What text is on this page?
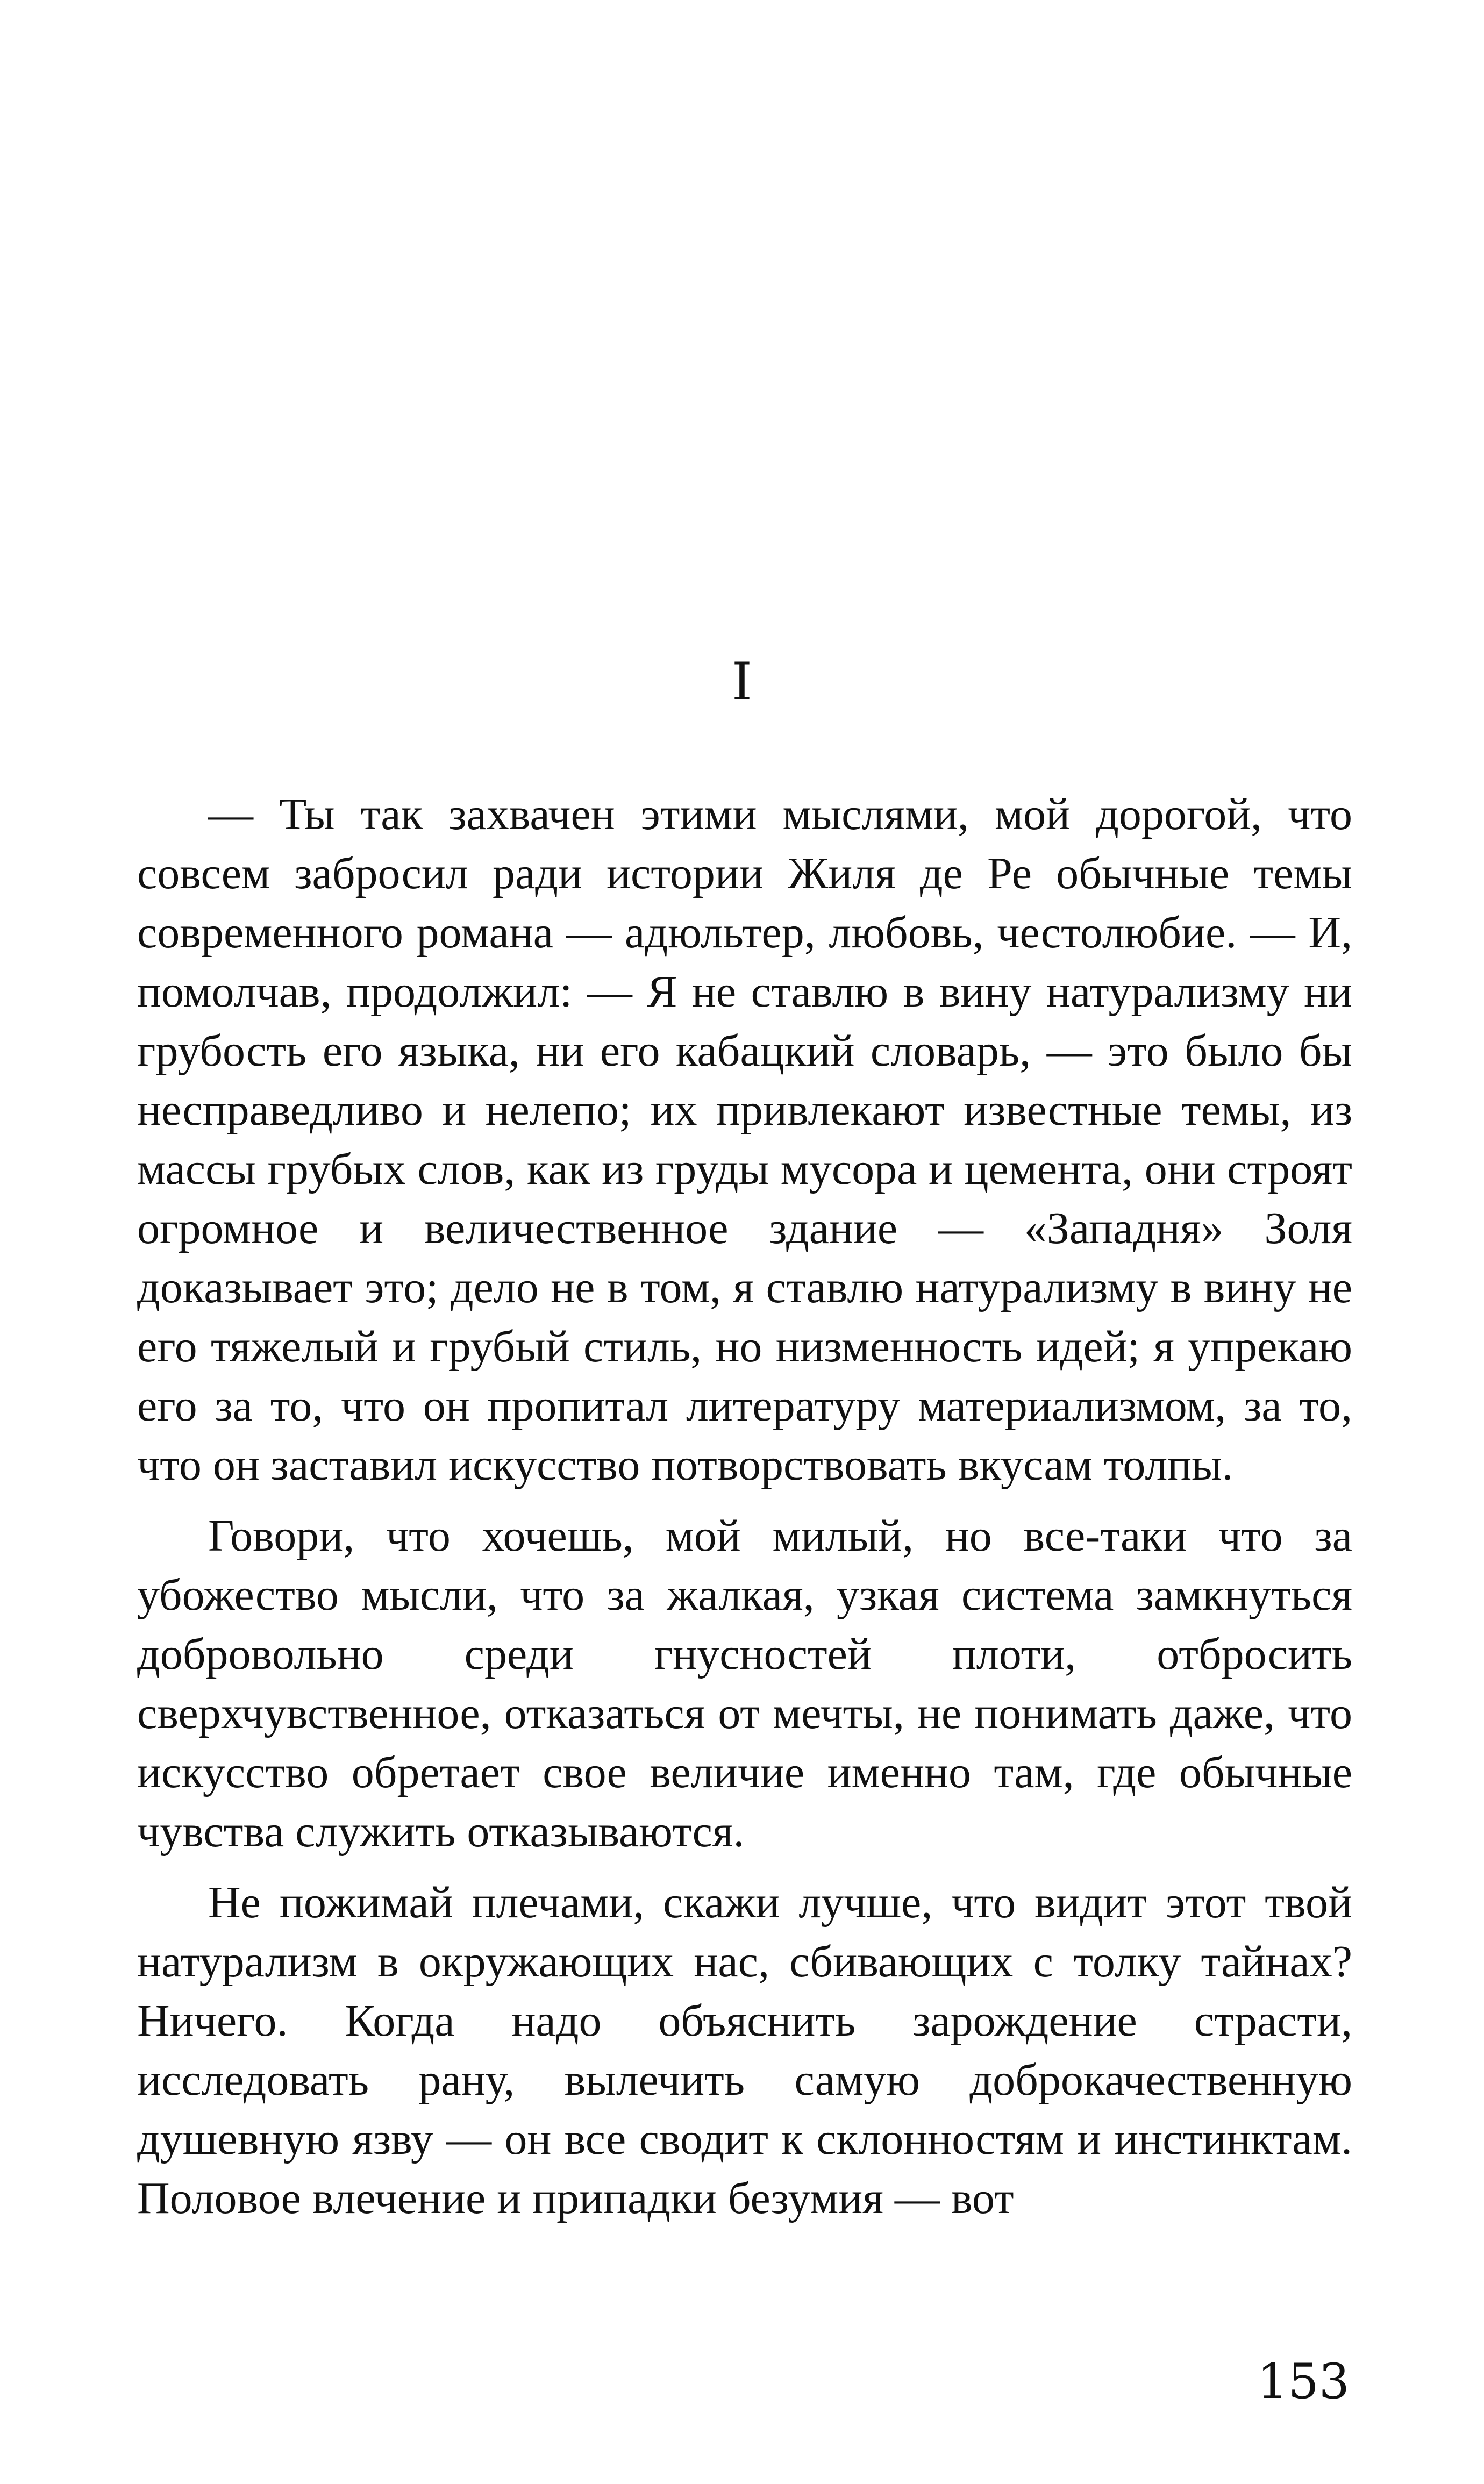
I

— Ты так захвачен этими мыслями, мой дорогой, что совсем забросил ради истории Жиля де Ре обычные темы современного романа — адюльтер, любовь, честолюбие. — И, помолчав, продолжил: — Я не ставлю в вину натурализму ни грубость его языка, ни его кабацкий словарь, — это было бы несправедливо и нелепо; их привлекают известные темы, из массы грубых слов, как из груды мусора и цемента, они строят огромное и величественное здание — «Западня» Золя доказывает это; дело не в том, я ставлю натурализму в вину не его тяжелый и грубый стиль, но низменность идей; я упрекаю его за то, что он пропитал литературу материализмом, за то, что он заставил искусство потворствовать вкусам толпы.

Говори, что хочешь, мой милый, но все-таки что за убожество мысли, что за жалкая, узкая система замкнуться добровольно среди гнусностей плоти, отбросить сверхчувственное, отказаться от мечты, не понимать даже, что искусство обретает свое величие именно там, где обычные чувства служить отказываются.

Не пожимай плечами, скажи лучше, что видит этот твой натурализм в окружающих нас, сбивающих с толку тайнах? Ничего. Когда надо объяснить зарождение страсти, исследовать рану, вылечить самую доброкачественную душевную язву — он все сводит к склонностям и инстинктам. Половое влечение и припадки безумия — вот

153
